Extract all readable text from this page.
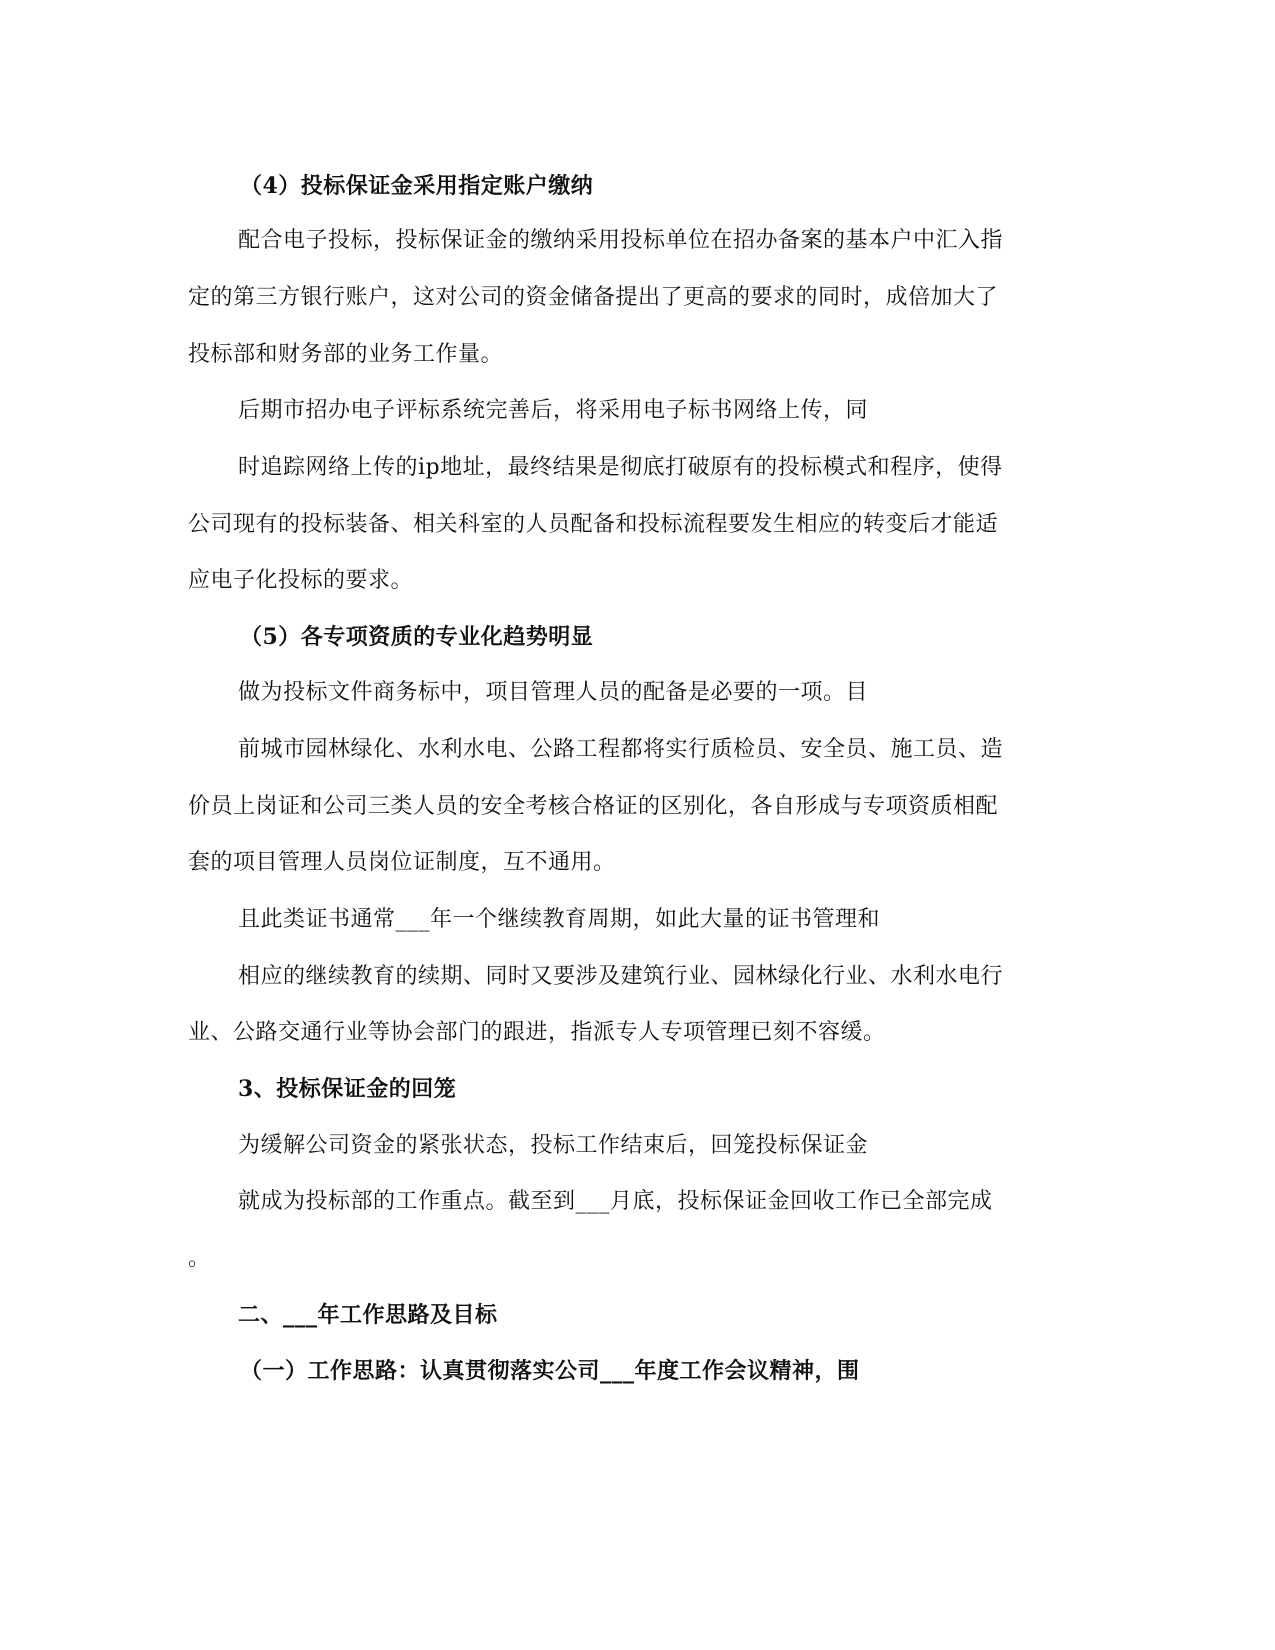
（4）投标保证金采用指定账户缴纳
配合电子投标，投标保证金的缴纳采用投标单位在招办备案的基本户中汇入指
定的第三方银行账户，这对公司的资金储备提出了更高的要求的同时，成倍加大了
投标部和财务部的业务工作量。
后期市招办电子评标系统完善后，将采用电子标书网络上传，同
时追踪网络上传的ip地址，最终结果是彻底打破原有的投标模式和程序，使得
公司现有的投标装备、相关科室的人员配备和投标流程要发生相应的转变后才能适
应电子化投标的要求。
（5）各专项资质的专业化趋势明显
做为投标文件商务标中，项目管理人员的配备是必要的一项。目
前城市园林绿化、水利水电、公路工程都将实行质检员、安全员、施工员、造
价员上岗证和公司三类人员的安全考核合格证的区别化，各自形成与专项资质相配
套的项目管理人员岗位证制度，互不通用。
且此类证书通常___年一个继续教育周期，如此大量的证书管理和
相应的继续教育的续期、同时又要涉及建筑行业、园林绿化行业、水利水电行
业、公路交通行业等协会部门的跟进，指派专人专项管理已刻不容缓。
3、投标保证金的回笼
为缓解公司资金的紧张状态，投标工作结束后，回笼投标保证金
就成为投标部的工作重点。截至到___月底，投标保证金回收工作已全部完成
。
二、___年工作思路及目标
（一）工作思路：认真贯彻落实公司___年度工作会议精神，围
